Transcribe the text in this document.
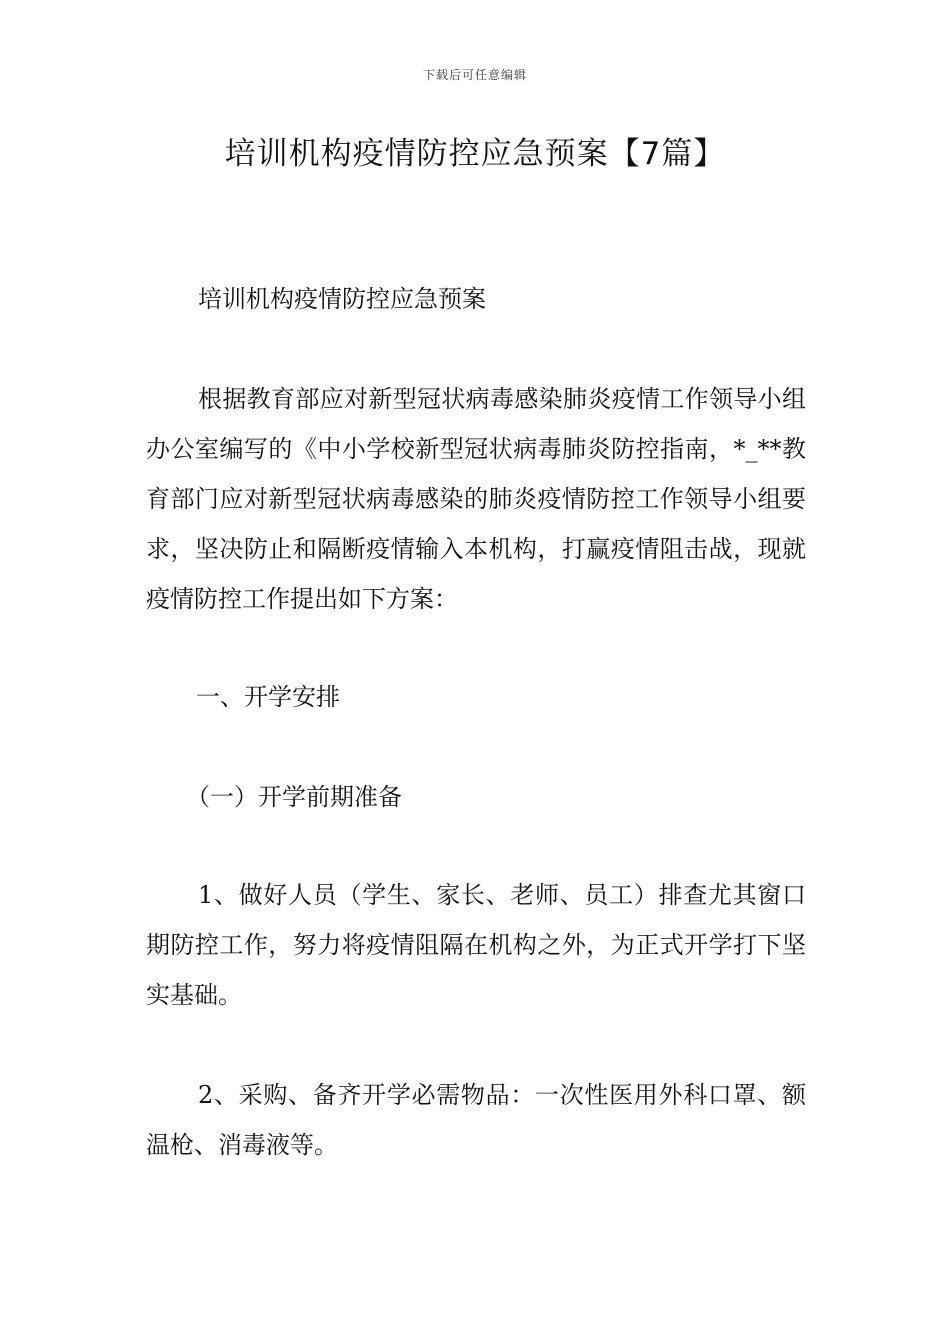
下载后可任意编辑
培训机构疫情防控应急预案【7篇】

培训机构疫情防控应急预案

根据教育部应对新型冠状病毒感染肺炎疫情工作领导小组办公室编写的《中小学校新型冠状病毒肺炎防控指南，*_**教育部门应对新型冠状病毒感染的肺炎疫情防控工作领导小组要求，坚决防止和隔断疫情输入本机构，打赢疫情阻击战，现就疫情防控工作提出如下方案：

一、开学安排

（一）开学前期准备

1、做好人员（学生、家长、老师、员工）排查尤其窗口期防控工作，努力将疫情阻隔在机构之外，为正式开学打下坚实基础。

2、采购、备齐开学必需物品：一次性医用外科口罩、额温枪、消毒液等。
